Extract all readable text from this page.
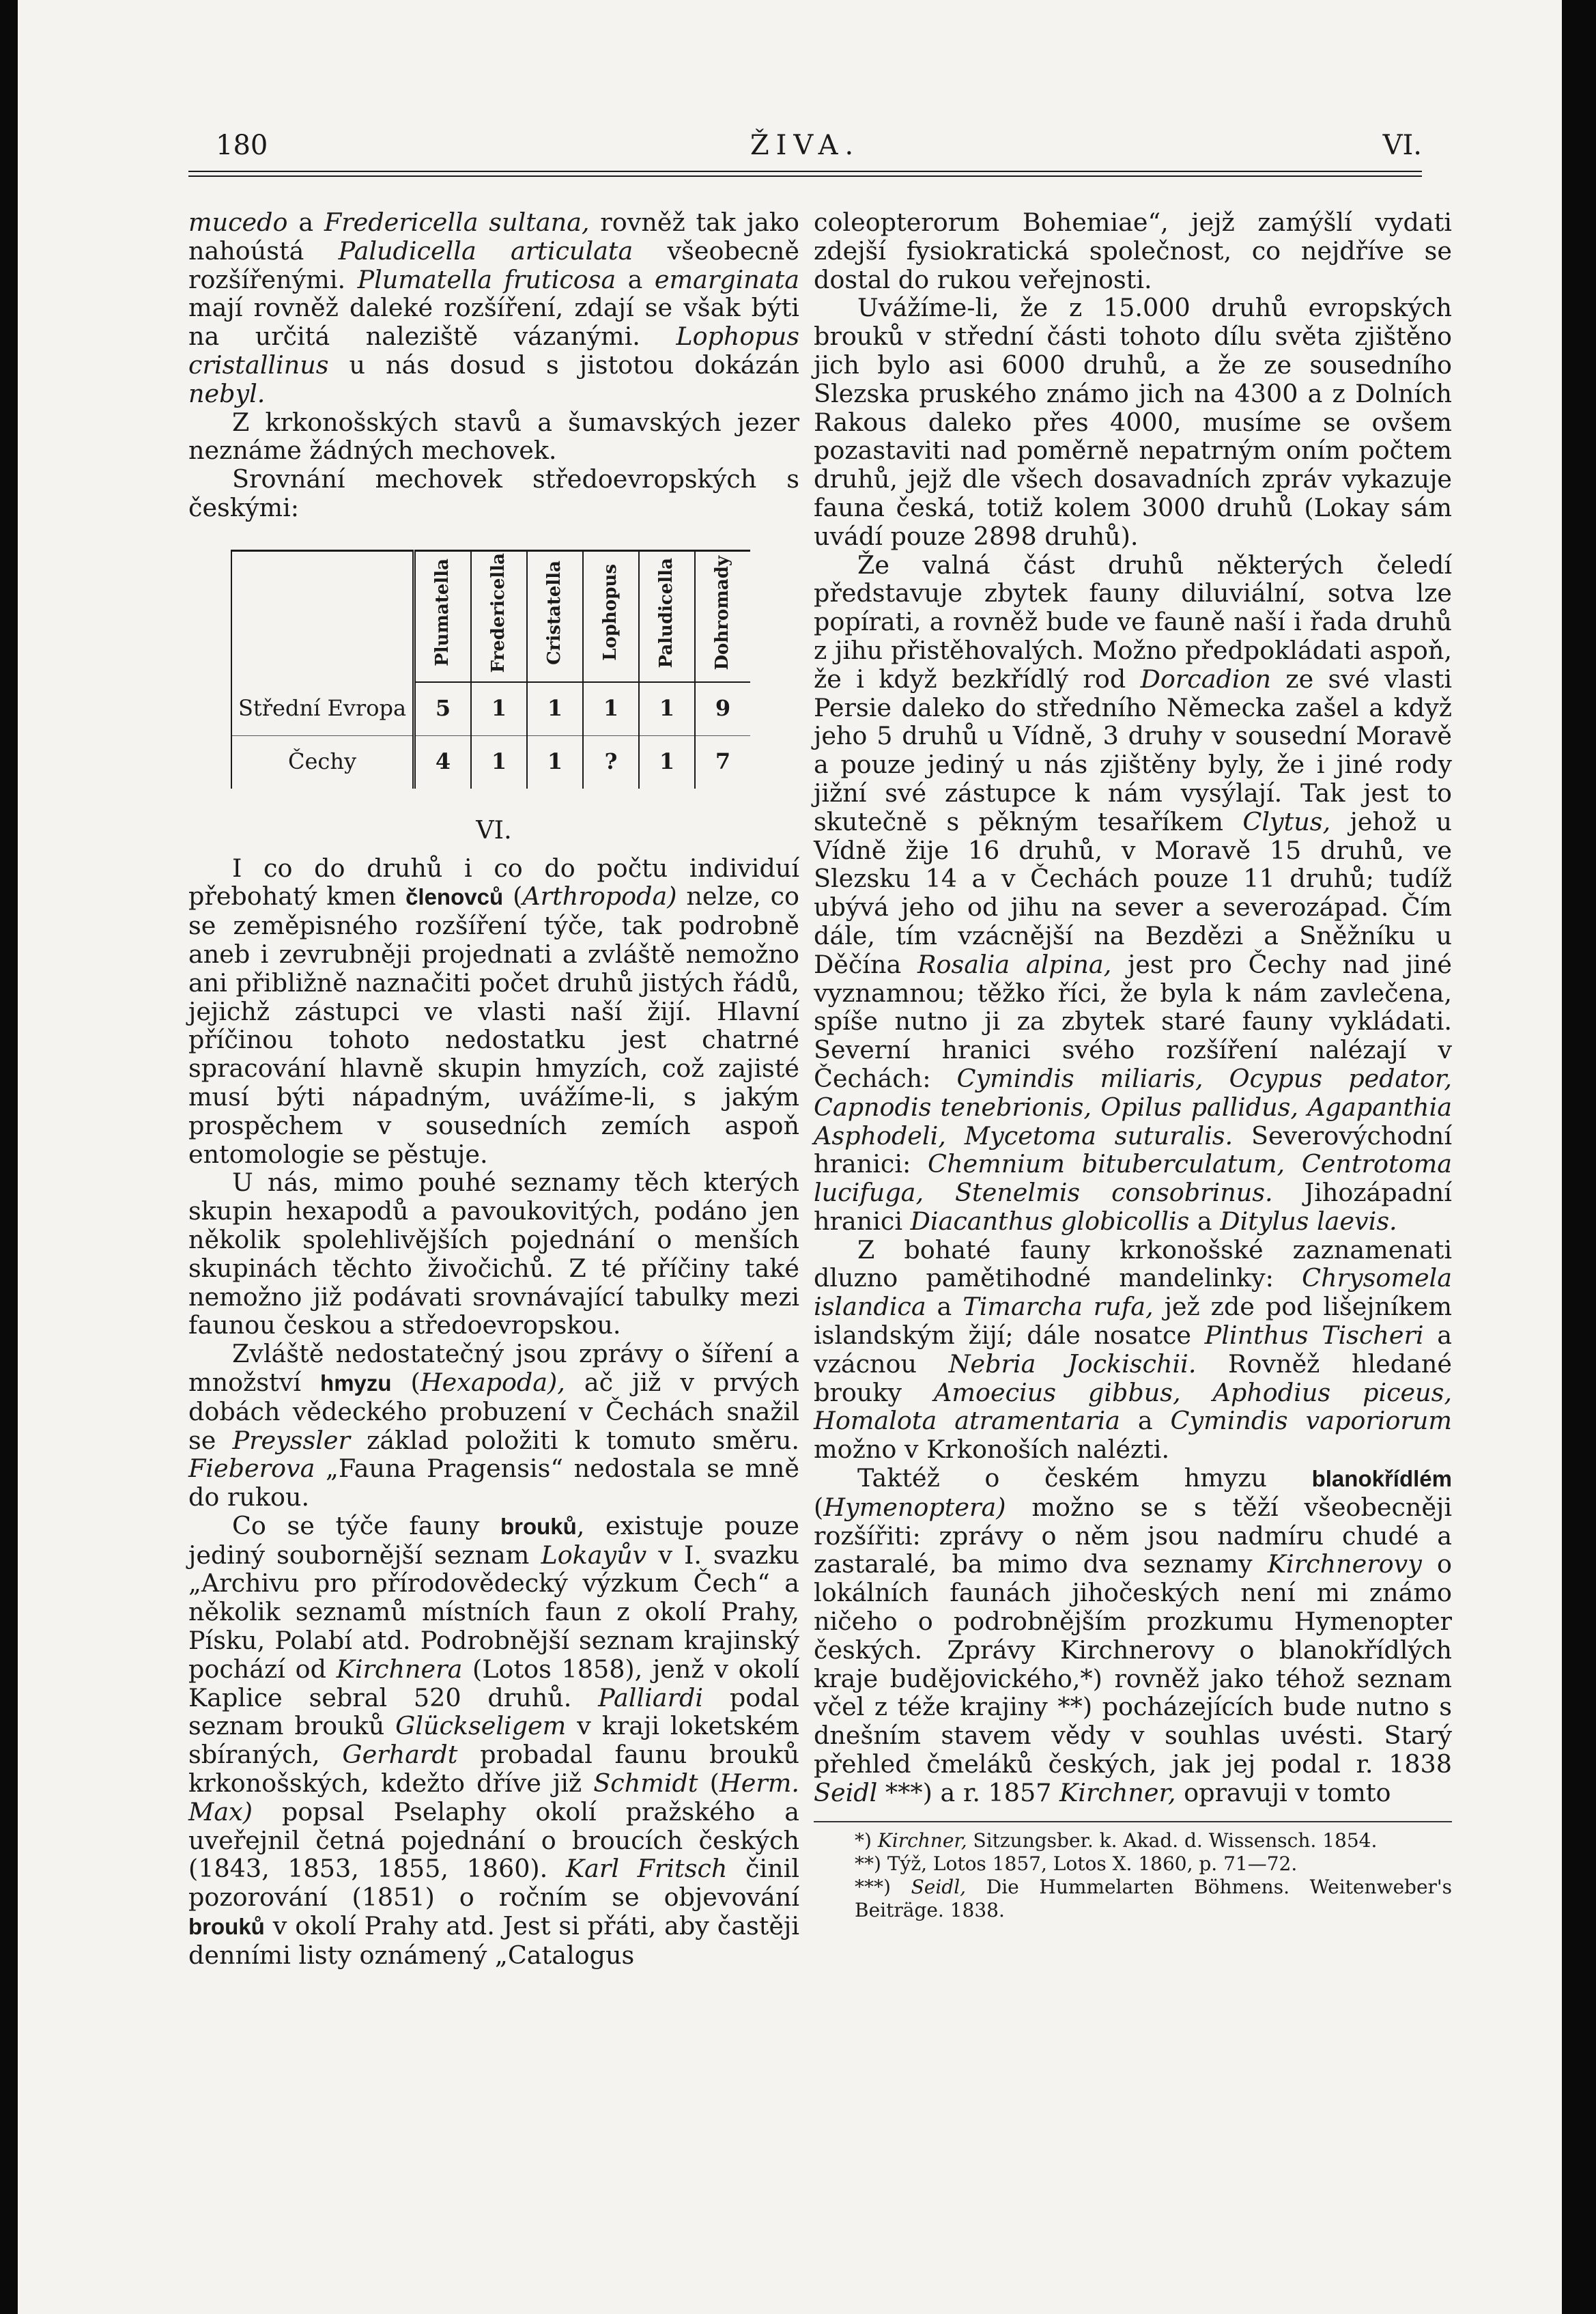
180	ŽIVA.	VI.

mucedo a Fredericella sultana, rovněž tak jako nahoústá Paludicella articulata všeobecně rozšířenými. Plumatella fruticosa a emarginata mají rovněž daleké rozšíření, zdají se však býti na určitá naleziště vázanými. Lophopus cristallinus u nás dosud s jistotou dokázán nebyl.

Z krkonošských stavů a šumavských jezer neznáme žádných mechovek.

Srovnání mechovek středoevropských s českými:

	Plumatella	Fredericella	Cristatella	Lophopus	Paludicella	Dohromady
Střední Evropa	5	1	1	1	1	9
Čechy	4	1	1	?	1	7

VI.

I co do druhů i co do počtu individuí přebohatý kmen členovců (Arthropoda) nelze, co se zeměpisného rozšíření týče, tak podrobně aneb i zevrubněji projednati a zvláště nemožno ani přibližně naznačiti počet druhů jistých řádů, jejichž zástupci ve vlasti naší žijí. Hlavní příčinou tohoto nedostatku jest chatrné spracování hlavně skupin hmyzích, což zajisté musí býti nápadným, uvážíme-li, s jakým prospěchem v sousedních zemích aspoň entomologie se pěstuje.

U nás, mimo pouhé seznamy těch kterých skupin hexapodů a pavoukovitých, podáno jen několik spolehlivějších pojednání o menších skupinách těchto živočichů. Z té příčiny také nemožno již podávati srovnávající tabulky mezi faunou českou a středoevropskou.

Zvláště nedostatečný jsou zprávy o šíření a množství hmyzu (Hexapoda), ač již v prvých dobách vědeckého probuzení v Čechách snažil se Preyssler základ položiti k tomuto směru. Fieberova „Fauna Pragensis“ nedostala se mně do rukou.

Co se týče fauny brouků, existuje pouze jediný soubornější seznam Lokayův v I. svazku „Archivu pro přírodovědecký výzkum Čech“ a několik seznamů místních faun z okolí Prahy, Písku, Polabí atd. Podrobnější seznam krajinský pochází od Kirchnera (Lotos 1858), jenž v okolí Kaplice sebral 520 druhů. Palliardi podal seznam brouků Glückseligem v kraji loketském sbíraných, Gerhardt probadal faunu brouků krkonošských, kdežto dříve již Schmidt (Herm. Max) popsal Pselaphy okolí pražského a uveřejnil četná pojednání o broucích českých (1843, 1853, 1855, 1860). Karl Fritsch činil pozorování (1851) o ročním se objevování brouků v okolí Prahy atd. Jest si přáti, aby častěji denními listy oznámený „Catalogus

coleopterorum Bohemiae“, jejž zamýšlí vydati zdejší fysiokratická společnost, co nejdříve se dostal do rukou veřejnosti.

Uvážíme-li, že z 15.000 druhů evropských brouků v střední části tohoto dílu světa zjištěno jich bylo asi 6000 druhů, a že ze sousedního Slezska pruského známo jich na 4300 a z Dolních Rakous daleko přes 4000, musíme se ovšem pozastaviti nad poměrně nepatrným oním počtem druhů, jejž dle všech dosavadních zpráv vykazuje fauna česká, totiž kolem 3000 druhů (Lokay sám uvádí pouze 2898 druhů).

Že valná část druhů některých čeledí představuje zbytek fauny diluviální, sotva lze popírati, a rovněž bude ve fauně naší i řada druhů z jihu přistěhovalých. Možno předpokládati aspoň, že i když bezkřídlý rod Dorcadion ze své vlasti Persie daleko do středního Německa zašel a když jeho 5 druhů u Vídně, 3 druhy v sousední Moravě a pouze jediný u nás zjištěny byly, že i jiné rody jižní své zástupce k nám vysýlají. Tak jest to skutečně s pěkným tesaříkem Clytus, jehož u Vídně žije 16 druhů, v Moravě 15 druhů, ve Slezsku 14 a v Čechách pouze 11 druhů; tudíž ubývá jeho od jihu na sever a severozápad. Čím dále, tím vzácnější na Bezdězi a Sněžníku u Děčína Rosalia alpina, jest pro Čechy nad jiné vyznamnou; těžko říci, že byla k nám zavlečena, spíše nutno ji za zbytek staré fauny vykládati. Severní hranici svého rozšíření nalézají v Čechách: Cymindis miliaris, Ocypus pedator, Capnodis tenebrionis, Opilus pallidus, Agapanthia Asphodeli, Mycetoma suturalis. Severovýchodní hranici: Chemnium bituberculatum, Centrotoma lucifuga, Stenelmis consobrinus. Jihozápadní hranici Diacanthus globicollis a Ditylus laevis.

Z bohaté fauny krkonošské zaznamenati dluzno pamětihodné mandelinky: Chrysomela islandica a Timarcha rufa, jež zde pod lišejníkem islandským žijí; dále nosatce Plinthus Tischeri a vzácnou Nebria Jockischii. Rovněž hledané brouky Amoecius gibbus, Aphodius piceus, Homalota atramentaria a Cymindis vaporiorum možno v Krkonoších nalézti.

Taktéž o českém hmyzu blanokřídlém (Hymenoptera) možno se s těží všeobecněji rozšířiti: zprávy o něm jsou nadmíru chudé a zastaralé, ba mimo dva seznamy Kirchnerovy o lokálních faunách jihočeských není mi známo ničeho o podrobnějším prozkumu Hymenopter českých. Zprávy Kirchnerovy o blanokřídlých kraje budějovického,*) rovněž jako téhož seznam včel z téže krajiny **) pocházejících bude nutno s dnešním stavem vědy v souhlas uvésti. Starý přehled čmeláků českých, jak jej podal r. 1838 Seidl ***) a r. 1857 Kirchner, opravuji v tomto

*) Kirchner, Sitzungsber. k. Akad. d. Wissensch. 1854.

**) Týž, Lotos 1857, Lotos X. 1860, p. 71—72.

***) Seidl, Die Hummelarten Böhmens. Weitenweber's Beiträge. 1838.
